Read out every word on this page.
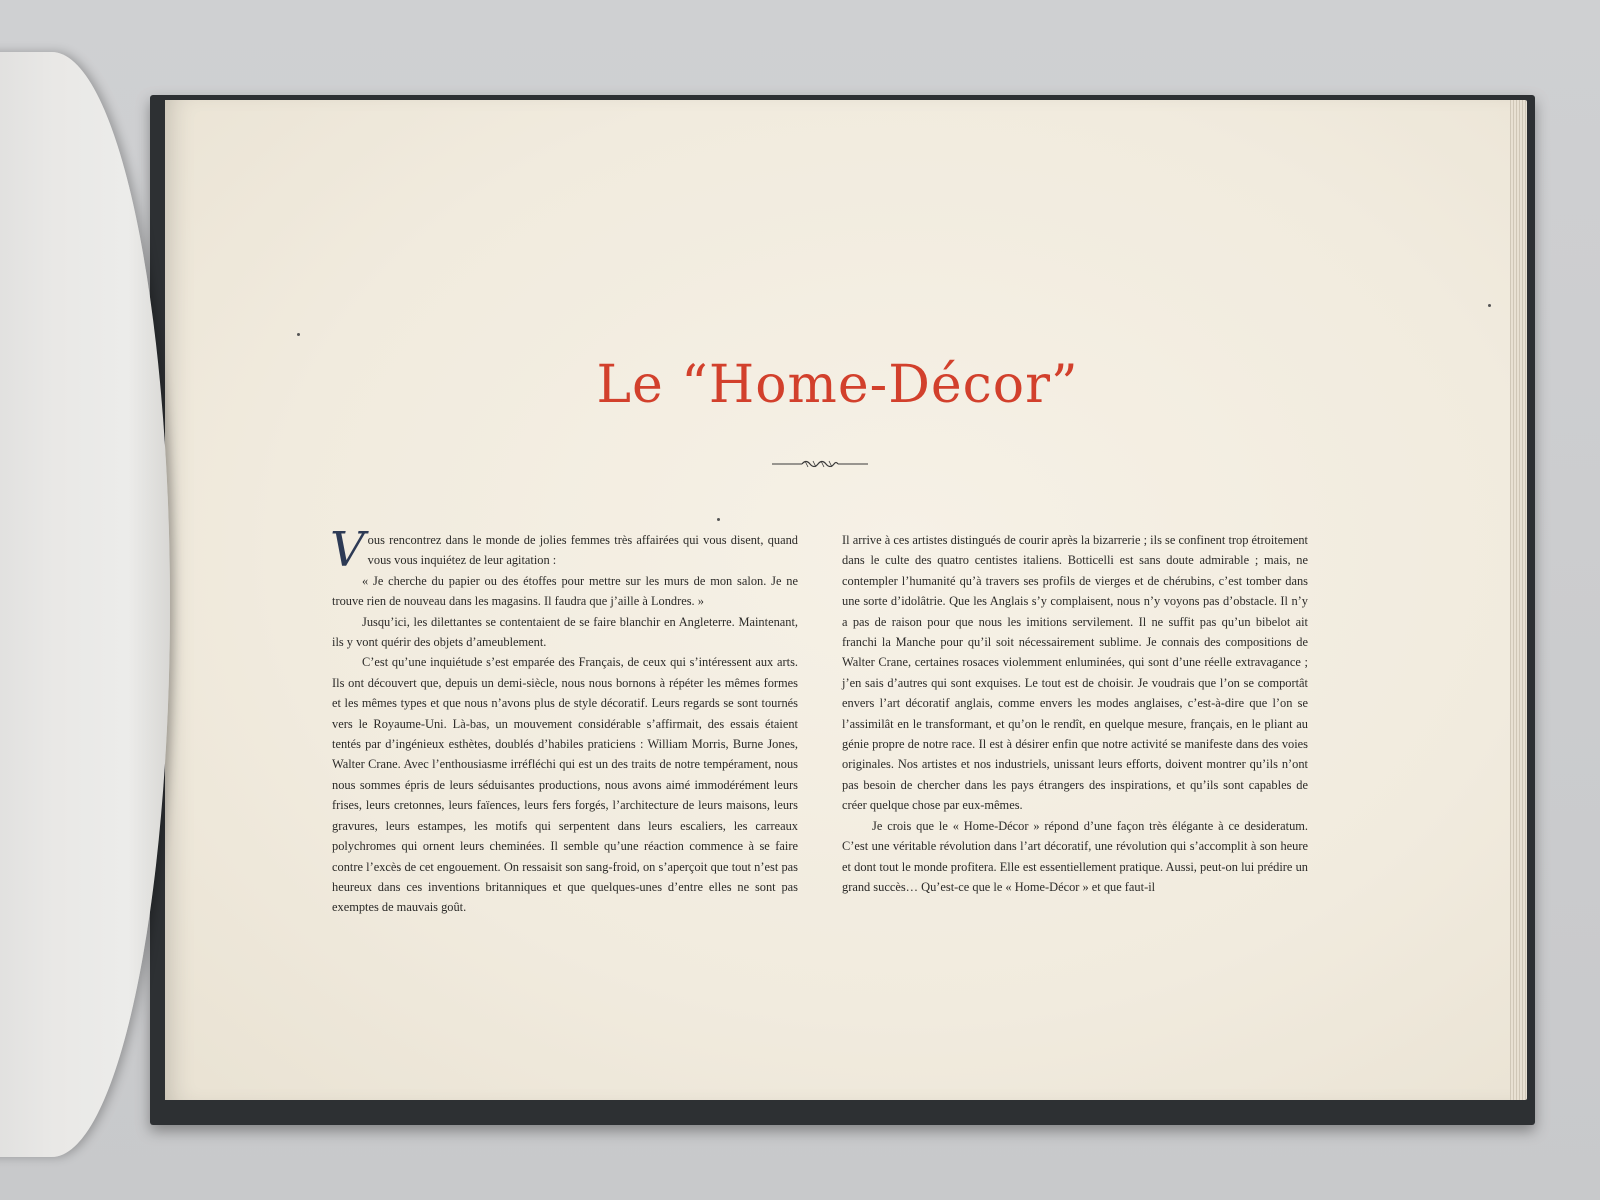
Le “Home-Décor”

Vous rencontrez dans le monde de jolies femmes très affairées qui vous disent, quand vous vous inquiétez de leur agitation :

« Je cherche du papier ou des étoffes pour mettre sur les murs de mon salon. Je ne trouve rien de nouveau dans les magasins. Il faudra que j’aille à Londres. »

Jusqu’ici, les dilettantes se contentaient de se faire blanchir en Angleterre. Maintenant, ils y vont quérir des objets d’ameublement.

C’est qu’une inquiétude s’est emparée des Français, de ceux qui s’intéressent aux arts. Ils ont découvert que, depuis un demi-siècle, nous nous bornons à répéter les mêmes formes et les mêmes types et que nous n’avons plus de style décoratif. Leurs regards se sont tournés vers le Royaume-Uni. Là-bas, un mouvement considérable s’affirmait, des essais étaient tentés par d’ingénieux esthètes, doublés d’habiles praticiens : William Morris, Burne Jones, Walter Crane. Avec l’enthousiasme irréfléchi qui est un des traits de notre tempérament, nous nous sommes épris de leurs séduisantes productions, nous avons aimé immodérément leurs frises, leurs cretonnes, leurs faïences, leurs fers forgés, l’architecture de leurs maisons, leurs gravures, leurs estampes, les motifs qui serpentent dans leurs escaliers, les carreaux polychromes qui ornent leurs cheminées. Il semble qu’une réaction commence à se faire contre l’excès de cet engouement. On ressaisit son sang-froid, on s’aperçoit que tout n’est pas heureux dans ces inventions britanniques et que quelques-unes d’entre elles ne sont pas exemptes de mauvais goût.

Il arrive à ces artistes distingués de courir après la bizarrerie ; ils se confinent trop étroitement dans le culte des quatro centistes italiens. Botticelli est sans doute admirable ; mais, ne contempler l’humanité qu’à travers ses profils de vierges et de chérubins, c’est tomber dans une sorte d’idolâtrie. Que les Anglais s’y complaisent, nous n’y voyons pas d’obstacle. Il n’y a pas de raison pour que nous les imitions servilement. Il ne suffit pas qu’un bibelot ait franchi la Manche pour qu’il soit nécessairement sublime. Je connais des compositions de Walter Crane, certaines rosaces violemment enluminées, qui sont d’une réelle extravagance ; j’en sais d’autres qui sont exquises. Le tout est de choisir. Je voudrais que l’on se comportât envers l’art décoratif anglais, comme envers les modes anglaises, c’est-à-dire que l’on se l’assimilât en le transformant, et qu’on le rendît, en quelque mesure, français, en le pliant au génie propre de notre race. Il est à désirer enfin que notre activité se manifeste dans des voies originales. Nos artistes et nos industriels, unissant leurs efforts, doivent montrer qu’ils n’ont pas besoin de chercher dans les pays étrangers des inspirations, et qu’ils sont capables de créer quelque chose par eux-mêmes.

Je crois que le « Home-Décor » répond d’une façon très élégante à ce desideratum. C’est une véritable révolution dans l’art décoratif, une révolution qui s’accomplit à son heure et dont tout le monde profitera. Elle est essentiellement pratique. Aussi, peut-on lui prédire un grand succès… Qu’est-ce que le « Home-Décor » et que faut-il
